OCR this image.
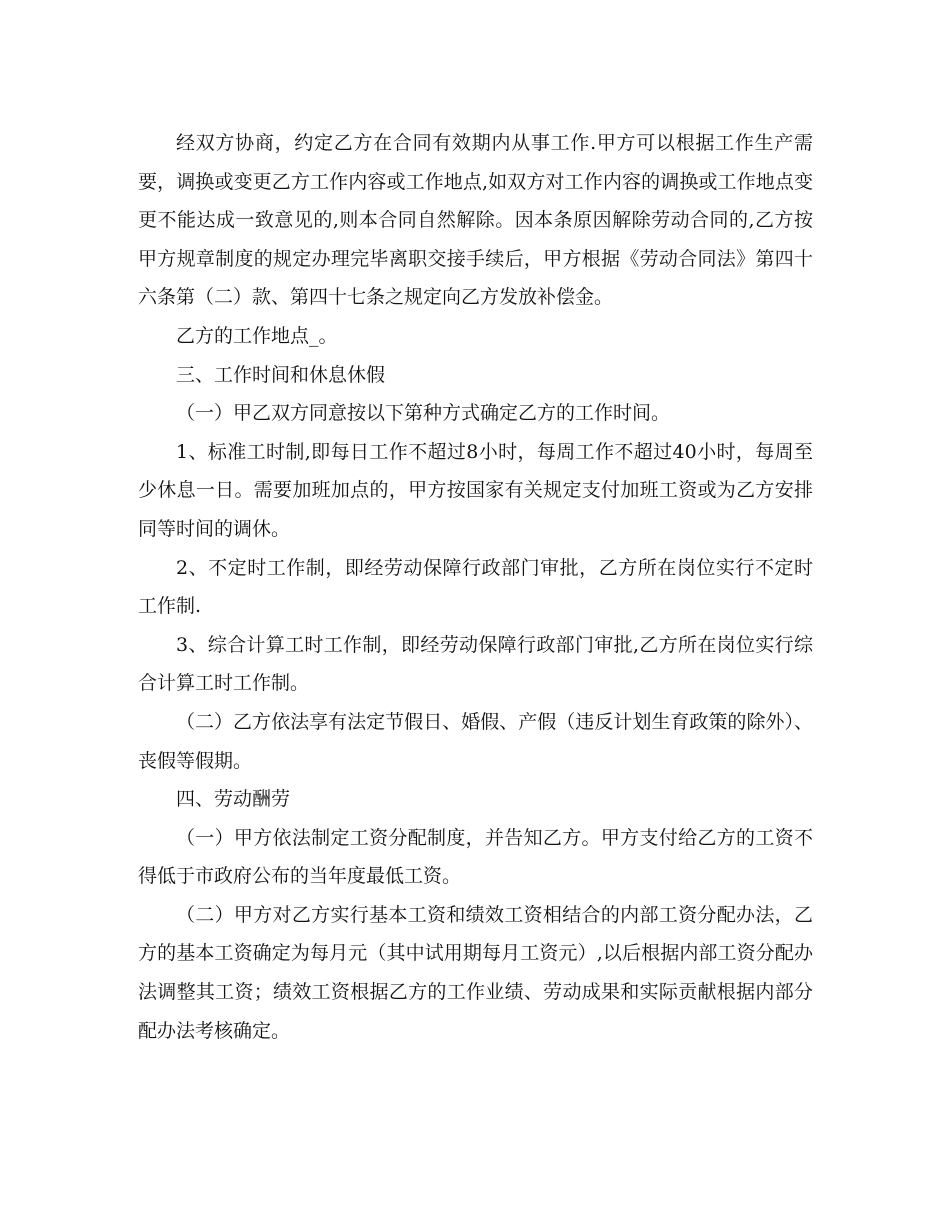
经双方协商，约定乙方在合同有效期内从事工作.甲方可以根据工作生产需要，调换或变更乙方工作内容或工作地点,如双方对工作内容的调换或工作地点变更不能达成一致意见的,则本合同自然解除。因本条原因解除劳动合同的,乙方按甲方规章制度的规定办理完毕离职交接手续后，甲方根据《劳动合同法》第四十六条第（二）款、第四十七条之规定向乙方发放补偿金。

乙方的工作地点_。

三、工作时间和休息休假

（一）甲乙双方同意按以下第种方式确定乙方的工作时间。

1、标准工时制,即每日工作不超过8小时，每周工作不超过40小时，每周至少休息一日。需要加班加点的，甲方按国家有关规定支付加班工资或为乙方安排同等时间的调休。

2、不定时工作制，即经劳动保障行政部门审批，乙方所在岗位实行不定时工作制.

3、综合计算工时工作制，即经劳动保障行政部门审批,乙方所在岗位实行综合计算工时工作制。

（二）乙方依法享有法定节假日、婚假、产假（违反计划生育政策的除外）、丧假等假期。

四、劳动酬劳

（一）甲方依法制定工资分配制度，并告知乙方。甲方支付给乙方的工资不得低于市政府公布的当年度最低工资。

（二）甲方对乙方实行基本工资和绩效工资相结合的内部工资分配办法，乙方的基本工资确定为每月元（其中试用期每月工资元）,以后根据内部工资分配办法调整其工资；绩效工资根据乙方的工作业绩、劳动成果和实际贡献根据内部分配办法考核确定。
